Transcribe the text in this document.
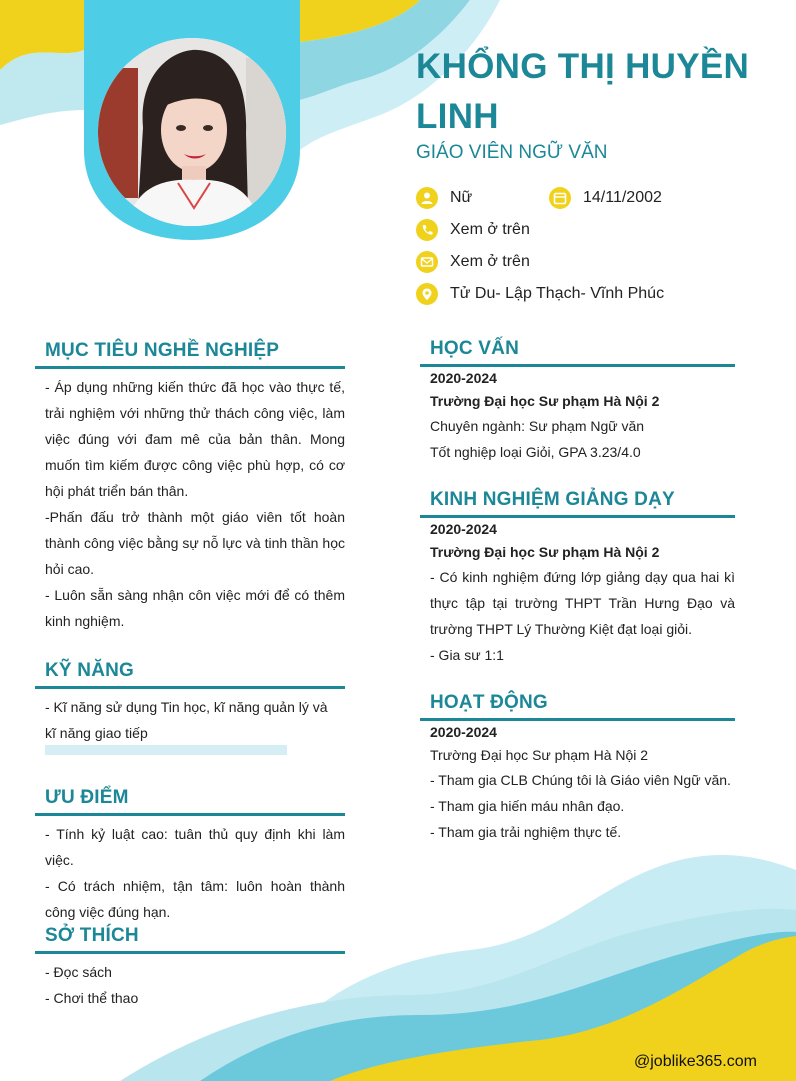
KHỔNG THỊ HUYỀN LINH
GIÁO VIÊN NGỮ VĂN
Nữ	14/11/2002
Xem ở trên
Xem ở trên
Tử Du- Lập Thạch- Vĩnh Phúc
MỤC TIÊU NGHỀ NGHIỆP

- Áp dụng những kiến thức đã học vào thực tế, trải nghiệm với những thử thách công việc, làm việc đúng với đam mê của bản thân. Mong muốn tìm kiếm được công việc phù hợp, có cơ hội phát triển bán thân.

-Phấn đấu trở thành một giáo viên tốt hoàn thành công việc bằng sự nỗ lực và tinh thần học hỏi cao.

- Luôn sẵn sàng nhận côn việc mới để có thêm kinh nghiệm.

KỸ NĂNG

- Kĩ năng sử dụng Tin học, kĩ năng quản lý và kĩ năng giao tiếp

ƯU ĐIỂM

- Tính kỷ luật cao: tuân thủ quy định khi làm việc.

- Có trách nhiệm, tận tâm: luôn hoàn thành công việc đúng hạn.

SỞ THÍCH

- Đọc sách

- Chơi thể thao

HỌC VẤN

2020-2024

Trường Đại học Sư phạm Hà Nội 2

Chuyên ngành: Sư phạm Ngữ văn

Tốt nghiệp loại Giỏi, GPA 3.23/4.0

KINH NGHIỆM GIẢNG DẠY

2020-2024

Trường Đại học Sư phạm Hà Nội 2

- Có kinh nghiệm đứng lớp giảng dạy qua hai kì thực tập tại trường THPT Trần Hưng Đạo và trường THPT Lý Thường Kiệt đạt loại giỏi.

- Gia sư 1:1

HOẠT ĐỘNG

2020-2024

Trường Đại học Sư phạm Hà Nội 2

- Tham gia CLB Chúng tôi là Giáo viên Ngữ văn.

- Tham gia hiến máu nhân đạo.

- Tham gia trải nghiệm thực tế.

@joblike365.com
